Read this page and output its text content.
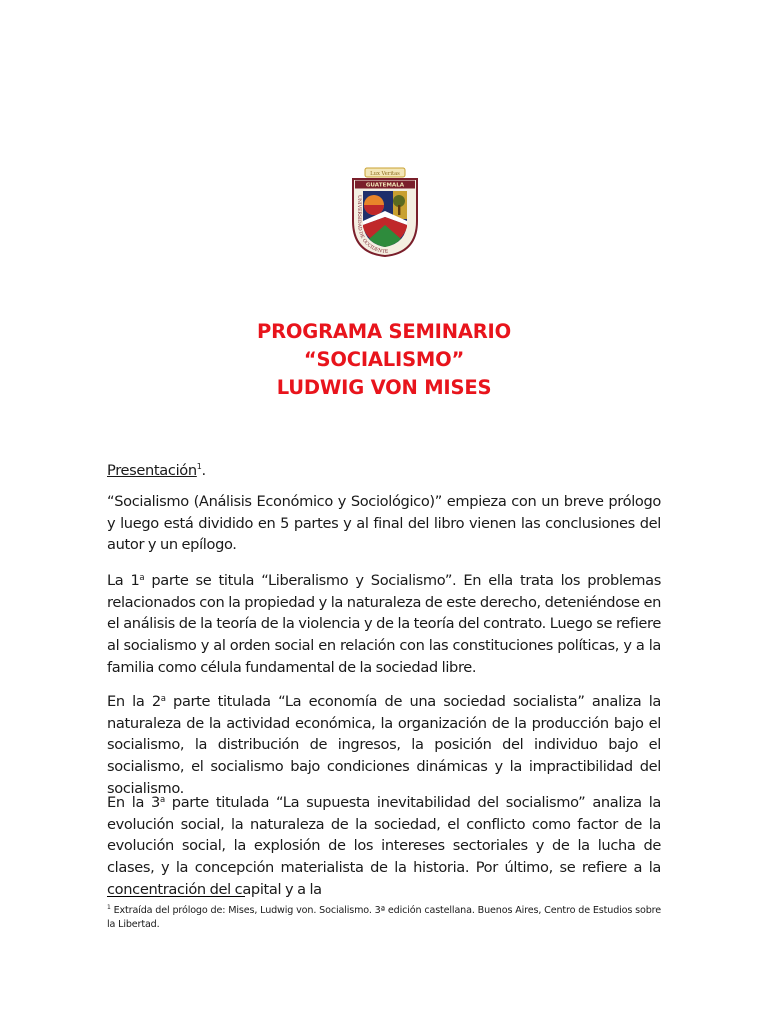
Lux Veritas
GUATEMALA
UNIVERSIDAD DE OCCIDENTE
PROGRAMA SEMINARIO
“SOCIALISMO”
LUDWIG VON MISES
Presentación$^1$.
“Socialismo (Análisis Económico y Sociológico)” empieza con un breve prólogo y luego está dividido en 5 partes y al final del libro vienen las conclusiones del autor y un epílogo.
La 1$^a$ parte se titula “Liberalismo y Socialismo”. En ella trata los problemas relacionados con la propiedad y la naturaleza de este derecho, deteniéndose en el análisis de la teoría de la violencia y de la teoría del contrato. Luego se refiere al socialismo y al orden social en relación con las constituciones políticas, y a la familia como célula fundamental de la sociedad libre.
En la 2$^a$ parte titulada “La economía de una sociedad socialista” analiza la naturaleza de la actividad económica, la organización de la producción bajo el socialismo, la distribución de ingresos, la posición del individuo bajo el socialismo, el socialismo bajo condiciones dinámicas y la impractibilidad del socialismo.
En la 3$^a$ parte titulada “La supuesta inevitabilidad del socialismo” analiza la evolución social, la naturaleza de la sociedad, el conflicto como factor de la evolución social, la explosión de los intereses sectoriales y de la lucha de clases, y la concepción materialista de la historia. Por último, se refiere a la concentración del capital y a la
$^1$ Extraída del prólogo de: Mises, Ludwig von. Socialismo. 3ª edición castellana. Buenos Aires, Centro de Estudios sobre la Libertad.
